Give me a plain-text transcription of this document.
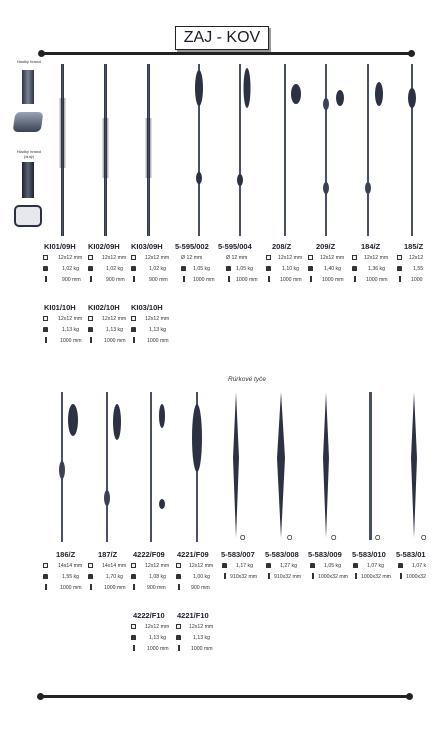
ZAJ - KOV
Hladký hranol
Hladký hranol (dutý)
KI01/09H
12x12 mm
1,02 kg
900 mm
KI02/09H
12x12 mm
1,02 kg
900 mm
KI03/09H
12x12 mm
1,02 kg
900 mm
5-595/002
Ø 12 mm
1,05 kg
1000 mm
5-595/004
Ø 12 mm
1,05 kg
1000 mm
208/Z
12x12 mm
1,10 kg
1000 mm
209/Z
12x12 mm
1,40 kg
1000 mm
184/Z
12x12 mm
1,36 kg
1000 mm
185/Z
12x12
1,55
1000
KI01/10H
12x12 mm
1,13 kg
1000 mm
KI02/10H
12x12 mm
1,13 kg
1000 mm
KI03/10H
12x12 mm
1,13 kg
1000 mm
Rúrkové tyče
O	O	O	O	O
186/Z
14x14 mm
1,55 kg
1000 mm
187/Z
14x14 mm
1,70 kg
1000 mm
4222/F09
12x12 mm
1,08 kg
900 mm
4221/F09
12x12 mm
1,00 kg
900 mm
5-583/007
1,17 kg
910x32 mm
5-583/008
1,27 kg
910x32 mm
5-583/009
1,05 kg
1000x32 mm
5-583/010
1,07 kg
1000x32 mm
5-583/01
1,07 k
1000x32
4222/F10
12x12 mm
1,13 kg
1000 mm
4221/F10
12x12 mm
1,13 kg
1000 mm
